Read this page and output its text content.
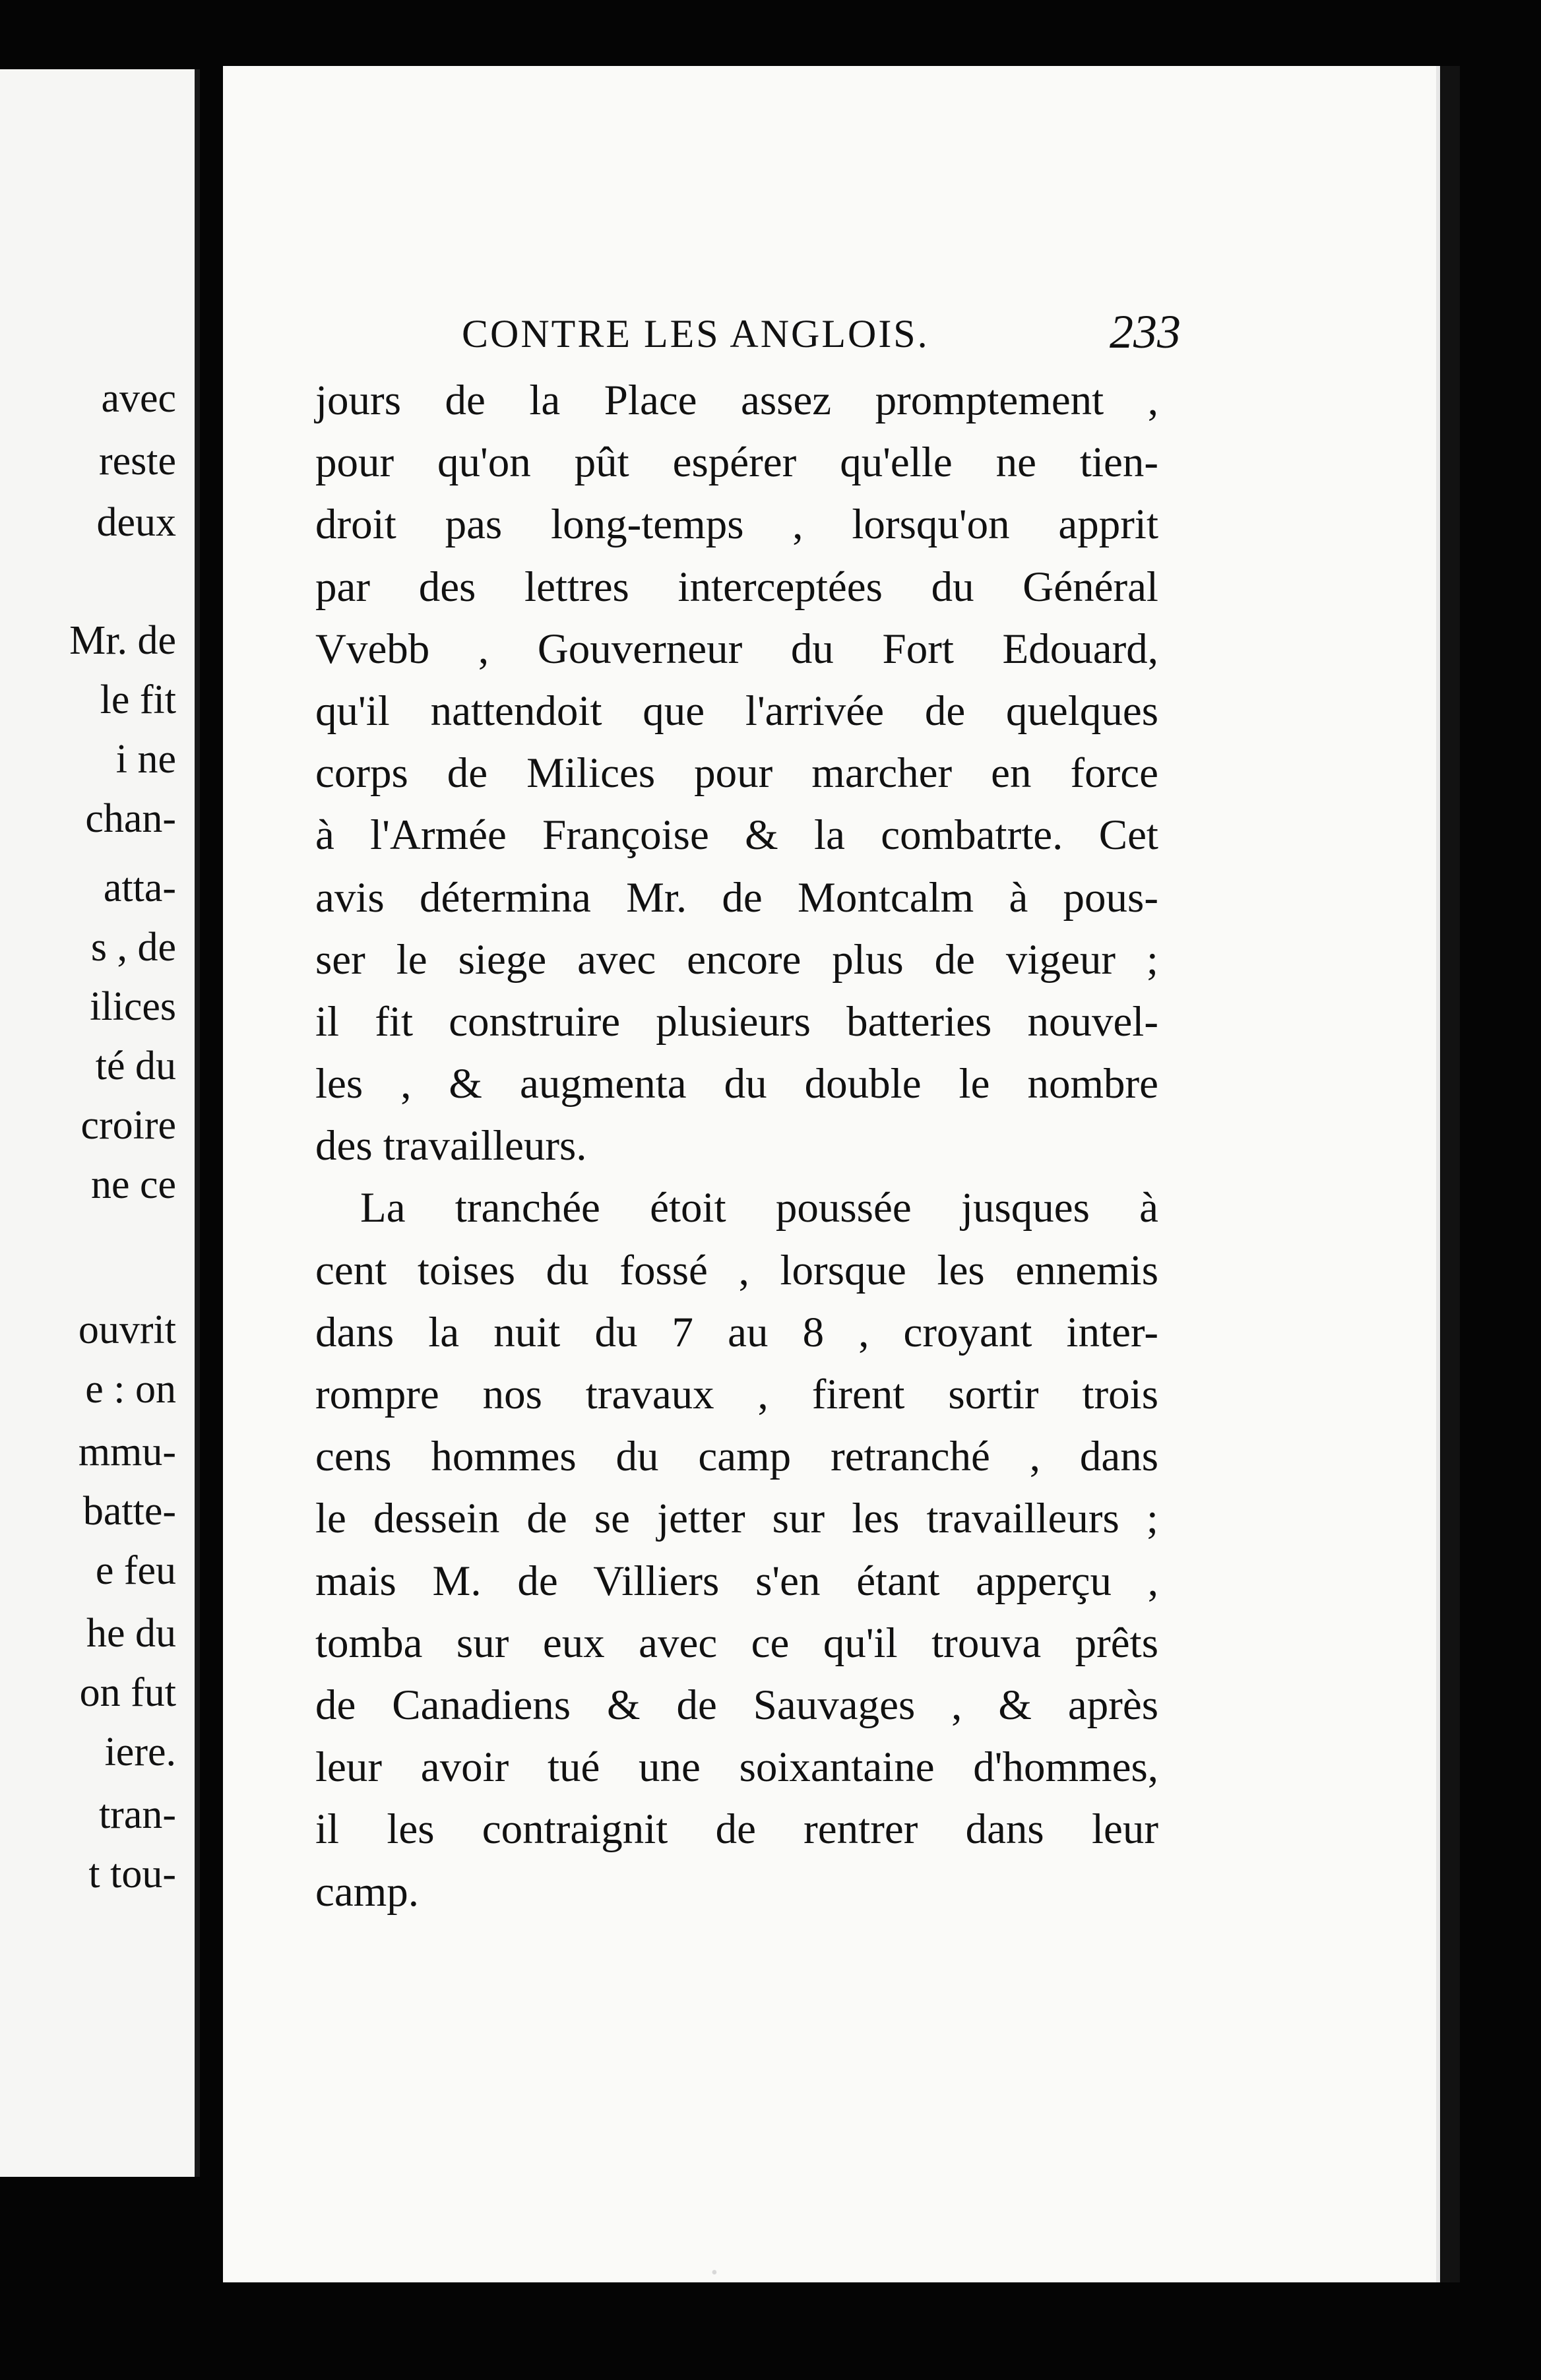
avec
reste
deux
Mr. de
le fit
i ne
chan-
atta-
s , de
ilices
té du
croire
ne ce
ouvrit
e : on
mmu-
batte-
e feu
he du
on fut
iere.
tran-
t tou-
CONTRE LES ANGLOIS.	233
jours de la Place assez promptement ,
pour qu'on pût espérer qu'elle ne tien-
droit pas long-temps , lorsqu'on apprit
par des lettres interceptées du Général
Vvebb , Gouverneur du Fort Edouard,
qu'il nattendoit que l'arrivée de quelques
corps de Milices pour marcher en force
à l'Armée Françoise & la combatrte. Cet
avis détermina Mr. de Montcalm à pous-
ser le siege avec encore plus de vigeur ;
il fit construire plusieurs batteries nouvel-
les , & augmenta du double le nombre
des travailleurs.
La tranchée étoit poussée jusques à
cent toises du fossé , lorsque les ennemis
dans la nuit du 7 au 8 , croyant inter-
rompre nos travaux , firent sortir trois
cens hommes du camp retranché , dans
le dessein de se jetter sur les travailleurs ;
mais M. de Villiers s'en étant apperçu ,
tomba sur eux avec ce qu'il trouva prêts
de Canadiens & de Sauvages , & après
leur avoir tué une soixantaine d'hommes,
il les contraignit de rentrer dans leur
camp.
•
